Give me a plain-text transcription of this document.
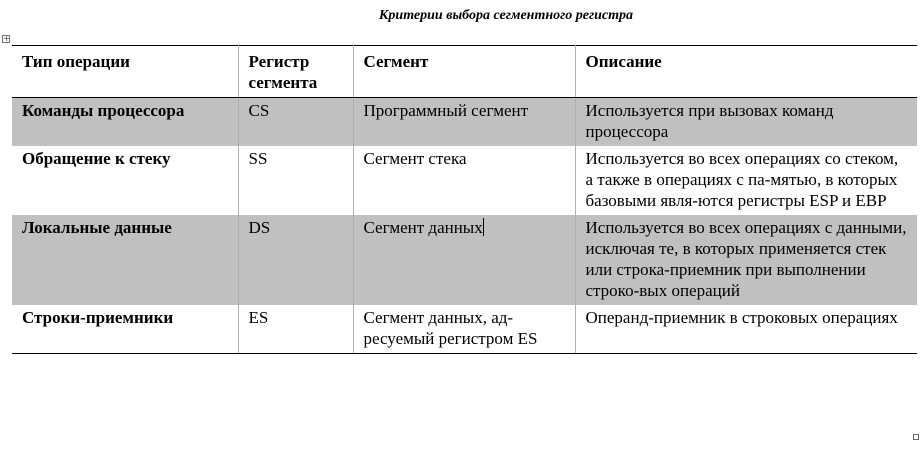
Критерии выбора сегментного регистра
+
Тип операции	Регистр сегмента	Сегмент	Описание
Команды процессора	CS	Программный сегмент	Используется при вызовах команд процессора
Обращение к стеку	SS	Сегмент стека	Используется во всех операциях со стеком, а также в операциях с па-мятью, в которых базовыми явля-ются регистры ESP и EBP
Локальные данные	DS	Сегмент данных	Используется во всех операциях с данными, исключая те, в которых применяется стек или строка-приемник при выполнении строко-вых операций
Строки-приемники	ES	Сегмент данных, ад-ресуемый регистром ES	Операнд-приемник в строковых операциях
